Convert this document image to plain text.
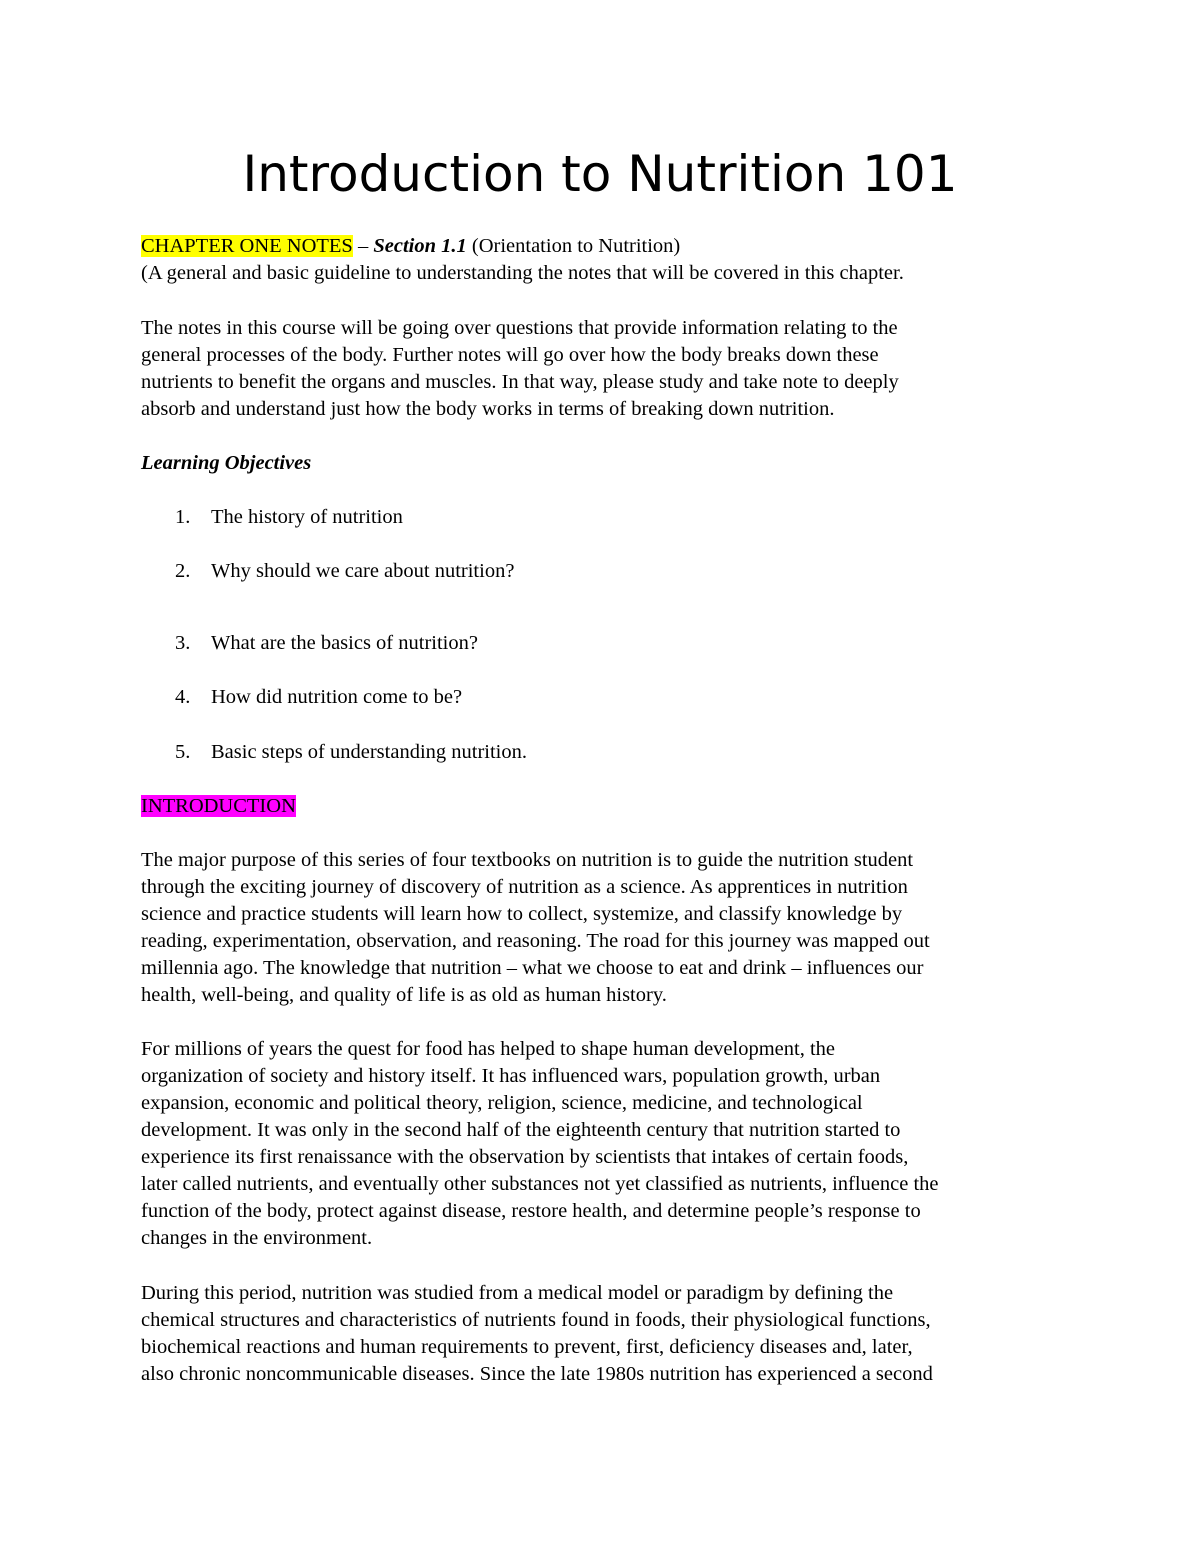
Introduction to Nutrition 101
CHAPTER ONE NOTES – Section 1.1 (Orientation to Nutrition)
(A general and basic guideline to understanding the notes that will be covered in this chapter.
The notes in this course will be going over questions that provide information relating to the
general processes of the body. Further notes will go over how the body breaks down these
nutrients to benefit the organs and muscles. In that way, please study and take note to deeply
absorb and understand just how the body works in terms of breaking down nutrition.
Learning Objectives
1. The history of nutrition
2. Why should we care about nutrition?
3. What are the basics of nutrition?
4. How did nutrition come to be?
5. Basic steps of understanding nutrition.
INTRODUCTION
The major purpose of this series of four textbooks on nutrition is to guide the nutrition student
through the exciting journey of discovery of nutrition as a science. As apprentices in nutrition
science and practice students will learn how to collect, systemize, and classify knowledge by
reading, experimentation, observation, and reasoning. The road for this journey was mapped out
millennia ago. The knowledge that nutrition – what we choose to eat and drink – influences our
health, well-being, and quality of life is as old as human history.
For millions of years the quest for food has helped to shape human development, the
organization of society and history itself. It has influenced wars, population growth, urban
expansion, economic and political theory, religion, science, medicine, and technological
development. It was only in the second half of the eighteenth century that nutrition started to
experience its first renaissance with the observation by scientists that intakes of certain foods,
later called nutrients, and eventually other substances not yet classified as nutrients, influence the
function of the body, protect against disease, restore health, and determine people’s response to
changes in the environment.
During this period, nutrition was studied from a medical model or paradigm by defining the
chemical structures and characteristics of nutrients found in foods, their physiological functions,
biochemical reactions and human requirements to prevent, first, deficiency diseases and, later,
also chronic noncommunicable diseases. Since the late 1980s nutrition has experienced a second
